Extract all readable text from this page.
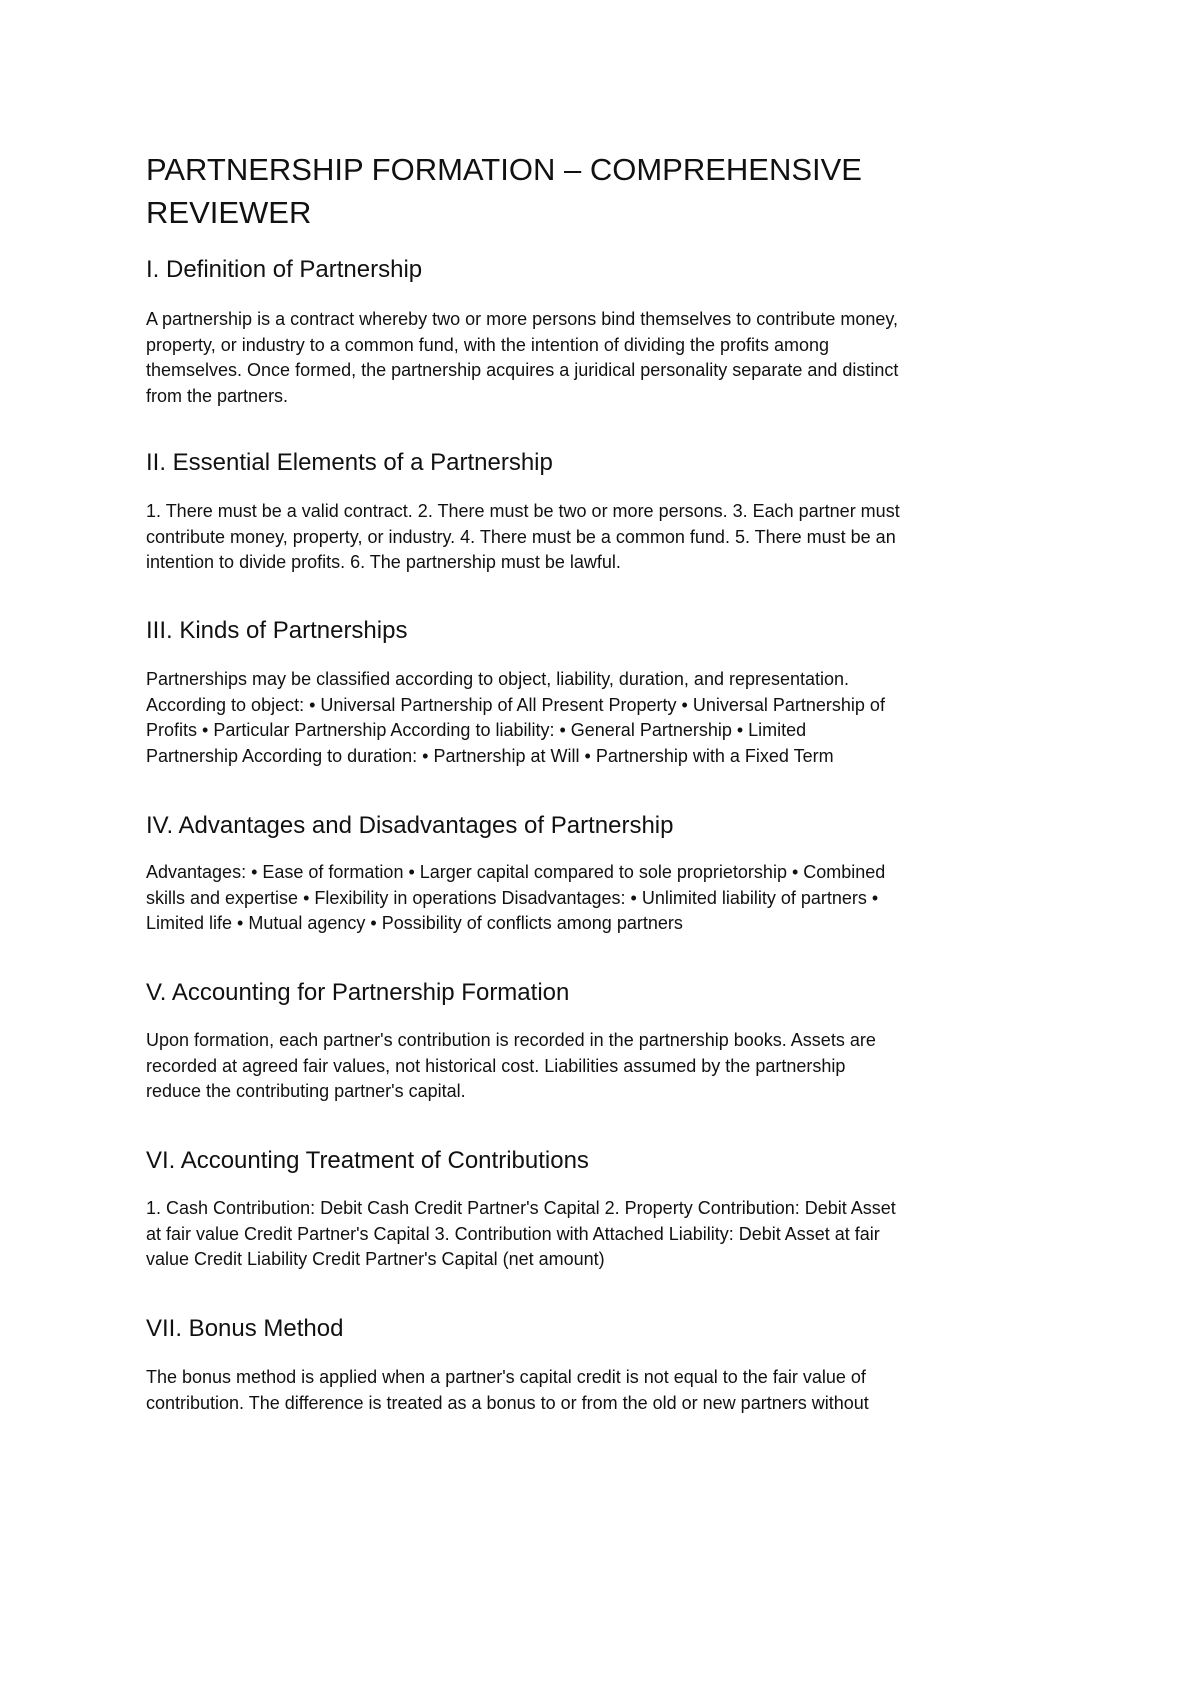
PARTNERSHIP FORMATION – COMPREHENSIVE
REVIEWER
I. Definition of Partnership

A partnership is a contract whereby two or more persons bind themselves to contribute money,
property, or industry to a common fund, with the intention of dividing the profits among
themselves. Once formed, the partnership acquires a juridical personality separate and distinct
from the partners.

II. Essential Elements of a Partnership

1. There must be a valid contract. 2. There must be two or more persons. 3. Each partner must
contribute money, property, or industry. 4. There must be a common fund. 5. There must be an
intention to divide profits. 6. The partnership must be lawful.

III. Kinds of Partnerships

Partnerships may be classified according to object, liability, duration, and representation.
According to object: • Universal Partnership of All Present Property • Universal Partnership of
Profits • Particular Partnership According to liability: • General Partnership • Limited
Partnership According to duration: • Partnership at Will • Partnership with a Fixed Term

IV. Advantages and Disadvantages of Partnership

Advantages: • Ease of formation • Larger capital compared to sole proprietorship • Combined
skills and expertise • Flexibility in operations Disadvantages: • Unlimited liability of partners •
Limited life • Mutual agency • Possibility of conflicts among partners

V. Accounting for Partnership Formation

Upon formation, each partner's contribution is recorded in the partnership books. Assets are
recorded at agreed fair values, not historical cost. Liabilities assumed by the partnership
reduce the contributing partner's capital.

VI. Accounting Treatment of Contributions

1. Cash Contribution: Debit Cash Credit Partner's Capital 2. Property Contribution: Debit Asset
at fair value Credit Partner's Capital 3. Contribution with Attached Liability: Debit Asset at fair
value Credit Liability Credit Partner's Capital (net amount)

VII. Bonus Method

The bonus method is applied when a partner's capital credit is not equal to the fair value of
contribution. The difference is treated as a bonus to or from the old or new partners without
